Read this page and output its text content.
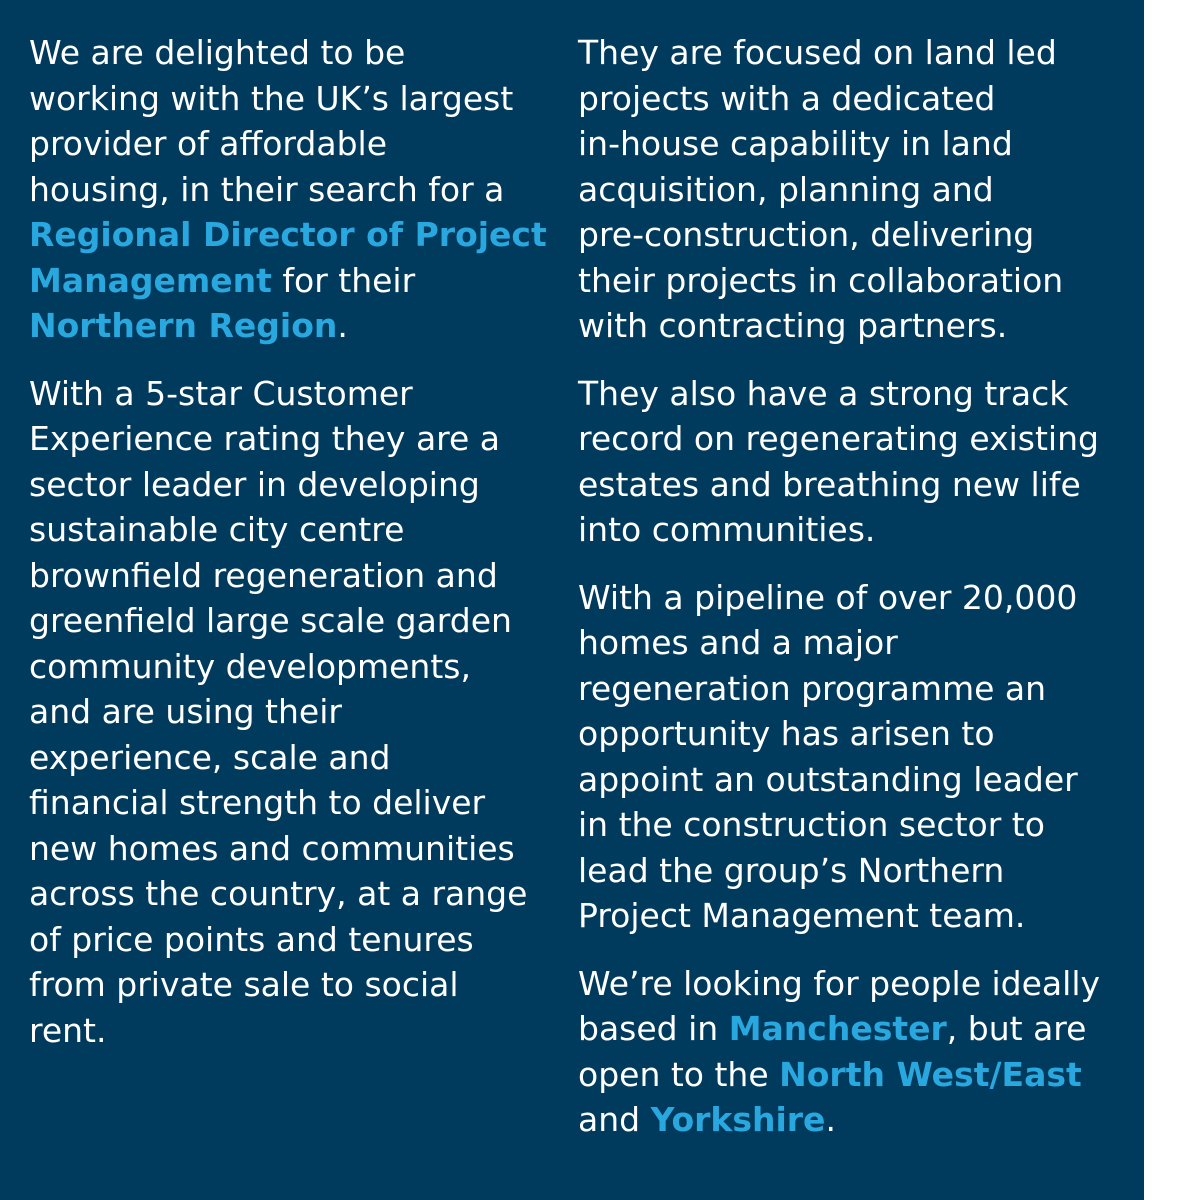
We are delighted to be
working with the UK’s largest
provider of affordable
housing, in their search for a
Regional Director of Project
Management for their
Northern Region.

With a 5-star Customer
Experience rating they are a
sector leader in developing
sustainable city centre
brownfield regeneration and
greenfield large scale garden
community developments,
and are using their
experience, scale and
financial strength to deliver
new homes and communities
across the country, at a range
of price points and tenures
from private sale to social
rent.

They are focused on land led
projects with a dedicated
in-house capability in land
acquisition, planning and
pre-construction, delivering
their projects in collaboration
with contracting partners.

They also have a strong track
record on regenerating existing
estates and breathing new life
into communities.

With a pipeline of over 20,000
homes and a major
regeneration programme an
opportunity has arisen to
appoint an outstanding leader
in the construction sector to
lead the group’s Northern
Project Management team.

We’re looking for people ideally
based in Manchester, but are
open to the North West/East
and Yorkshire.
